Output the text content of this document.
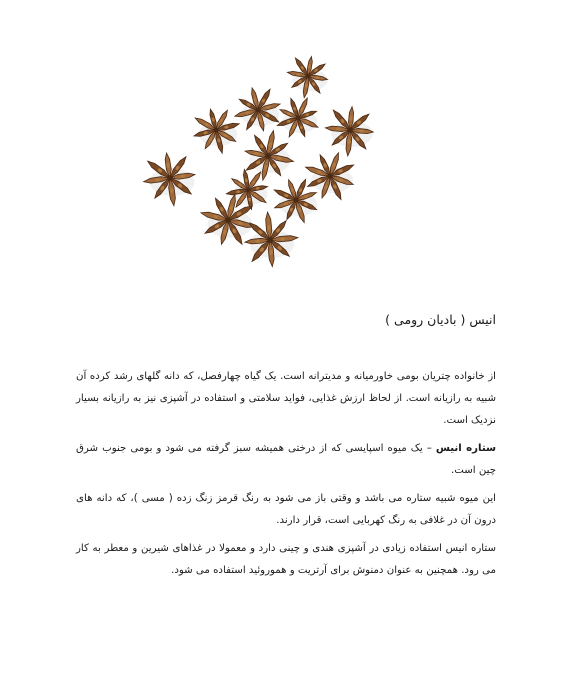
انیس ( بادیان رومی )

از خانواده چتریان بومی خاورمیانه و مدیترانه است. یک گیاه چهارفصل، که دانه گلهای رشد کرده آن شبیه به رازیانه است. از لحاظ ارزش غذایی، فواید سلامتی و استفاده در آشپزی نیز به رازیانه بسیار نزدیک است.

ستاره انیس – یک میوه اسپایسی که از درختی همیشه سبز گرفته می شود و بومی جنوب شرق چین است.

این میوه شبیه ستاره می باشد و وقتی باز می شود به رنگ قرمز زنگ زده ( مسی )، که دانه های درون آن در غلافی به رنگ کهربایی است، قرار دارند.

ستاره انیس استفاده زیادی در آشپزی هندی و چینی دارد و معمولا در غذاهای شیرین و معطر به کار می رود. همچنین به عنوان دمنوش برای آرتریت و هموروئید استفاده می شود.
